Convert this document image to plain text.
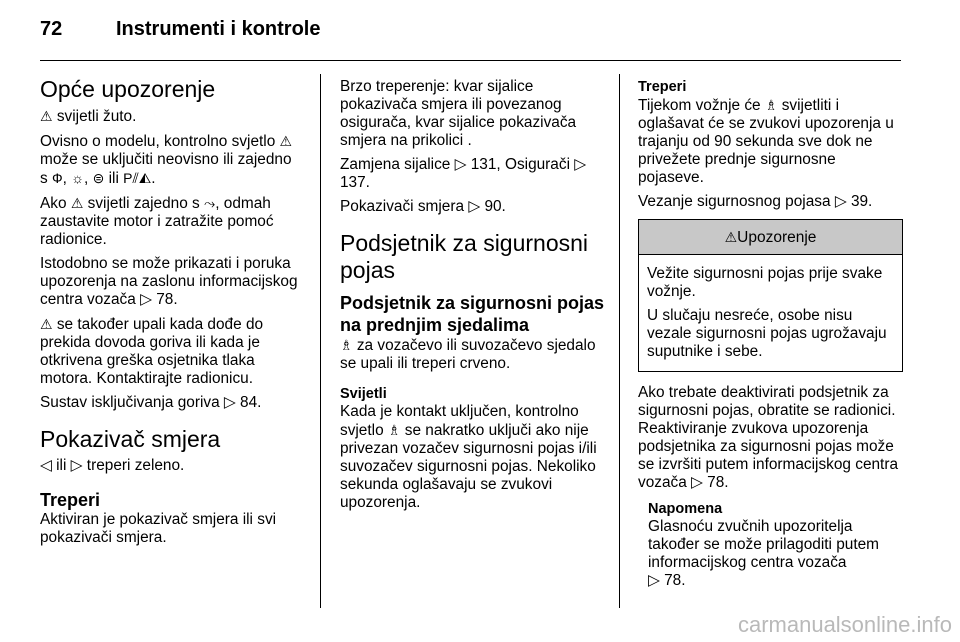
72	Instrumenti i kontrole
Opće upozorenje

⚠ svijetli žuto.

Ovisno o modelu, kontrolno svjetlo ⚠ može se uključiti neovisno ili zajedno s Ф, ☼, ⊜ ili P⫽◭.

Ako ⚠ svijetli zajedno s ⤳, odmah zaustavite motor i zatražite pomoć radionice.

Istodobno se može prikazati i poruka upozorenja na zaslonu informacijskog centra vozača ▷ 78.

⚠ se također upali kada dođe do prekida dovoda goriva ili kada je otkrivena greška osjetnika tlaka motora. Kontaktirajte radionicu.

Sustav isključivanja goriva ▷ 84.

Pokazivač smjera

◁ ili ▷ treperi zeleno.

Treperi

Aktiviran je pokazivač smjera ili svi pokazivači smjera.

Brzo treperenje: kvar sijalice pokazivača smjera ili povezanog osigurača, kvar sijalice pokazivača smjera na prikolici .

Zamjena sijalice ▷ 131, Osigurači ▷ 137.

Pokazivači smjera ▷ 90.

Podsjetnik za sigurnosni pojas
Podsjetnik za sigurnosni pojas na prednjim sjedalima

♗ za vozačevo ili suvozačevo sjedalo se upali ili treperi crveno.

Svijetli

Kada je kontakt uključen, kontrolno svjetlo ♗ se nakratko uključi ako nije privezan vozačev sigurnosni pojas i/ili suvozačev sigurnosni pojas. Nekoliko sekunda oglašavaju se zvukovi upozorenja.

Treperi

Tijekom vožnje će ♗ svijetliti i oglašavat će se zvukovi upozorenja u trajanju od 90 sekunda sve dok ne privežete prednje sigurnosne pojaseve.

Vezanje sigurnosnog pojasa ▷ 39.

⚠Upozorenje

Vežite sigurnosni pojas prije svake vožnje.

U slučaju nesreće, osobe nisu vezale sigurnosni pojas ugrožavaju suputnike i sebe.

Ako trebate deaktivirati podsjetnik za sigurnosni pojas, obratite se radionici. Reaktiviranje zvukova upozorenja podsjetnika za sigurnosni pojas može se izvršiti putem informacijskog centra vozača ▷ 78.

Napomena

Glasnoću zvučnih upozoritelja također se može prilagoditi putem informacijskog centra vozača
▷ 78.

carmanualsonline.info
